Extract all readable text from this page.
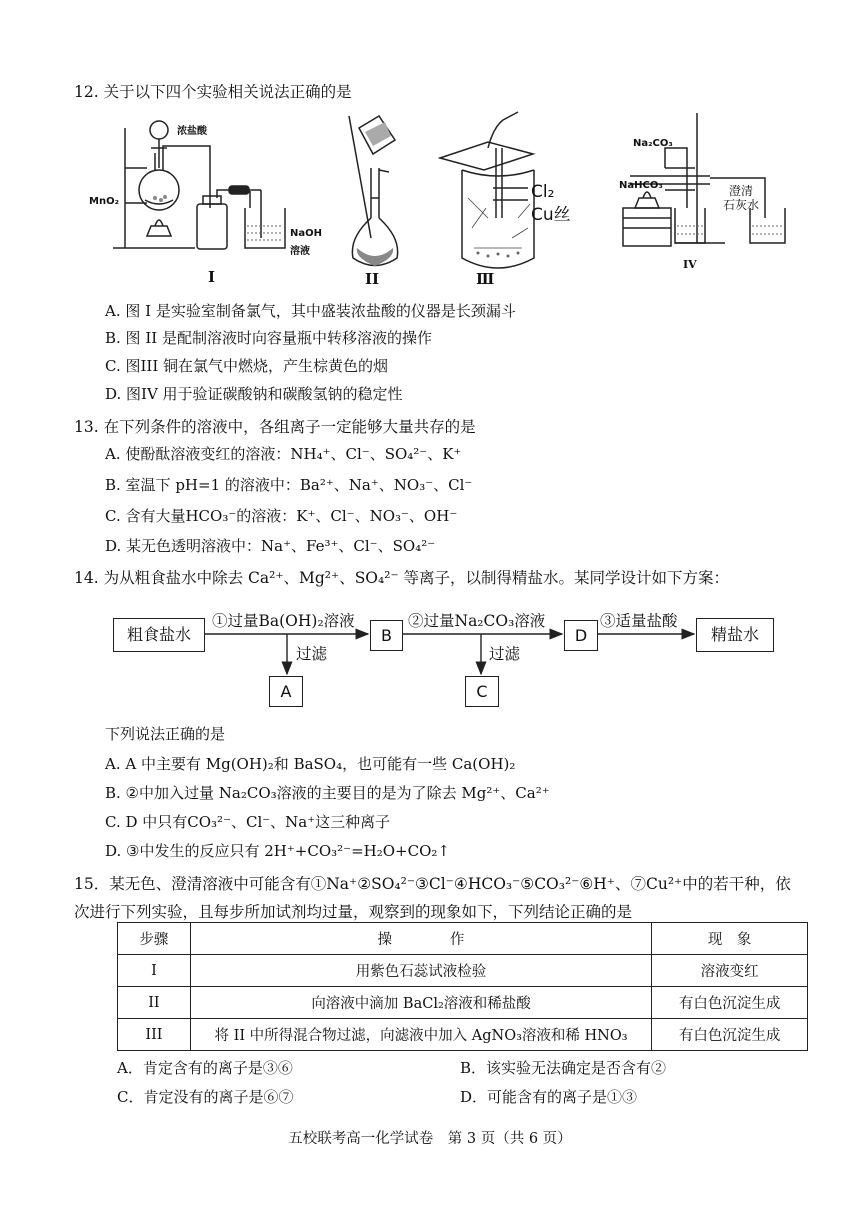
12. 关于以下四个实验相关说法正确的是
浓盐酸
MnO₂
NaOH
溶液
I	II
Cl₂
Cu丝
Ⅲ
Na₂CO₃
NaHCO₃	澄清
石灰水
IV
A. 图 I 是实验室制备氯气，其中盛装浓盐酸的仪器是长颈漏斗
B. 图 II 是配制溶液时向容量瓶中转移溶液的操作
C. 图III 铜在氯气中燃烧，产生棕黄色的烟
D. 图IV 用于验证碳酸钠和碳酸氢钠的稳定性
13. 在下列条件的溶液中，各组离子一定能够大量共存的是
A. 使酚酞溶液变红的溶液：NH₄⁺、Cl⁻、SO₄²⁻、K⁺
B. 室温下 pH=1 的溶液中：Ba²⁺、Na⁺、NO₃⁻、Cl⁻
C. 含有大量HCO₃⁻的溶液：K⁺、Cl⁻、NO₃⁻、OH⁻
D. 某无色透明溶液中：Na⁺、Fe³⁺、Cl⁻、SO₄²⁻
14. 为从粗食盐水中除去 Ca²⁺、Mg²⁺、SO₄²⁻ 等离子，以制得精盐水。某同学设计如下方案：
粗食盐水
①过量Ba(OH)₂溶液
B
②过量Na₂CO₃溶液
D
③适量盐酸
精盐水
过滤	过滤
A	C
下列说法正确的是
A. A 中主要有 Mg(OH)₂和 BaSO₄，也可能有一些 Ca(OH)₂
B. ②中加入过量 Na₂CO₃溶液的主要目的是为了除去 Mg²⁺、Ca²⁺
C. D 中只有CO₃²⁻、Cl⁻、Na⁺这三种离子
D. ③中发生的反应只有 2H⁺+CO₃²⁻=H₂O+CO₂↑
15．某无色、澄清溶液中可能含有①Na⁺②SO₄²⁻③Cl⁻④HCO₃⁻⑤CO₃²⁻⑥H⁺、⑦Cu²⁺中的若干种，依
次进行下列实验，且每步所加试剂均过量，观察到的现象如下，下列结论正确的是
步骤	操　　　　作	现　象
I	用紫色石蕊试液检验	溶液变红
II	向溶液中滴加 BaCl₂溶液和稀盐酸	有白色沉淀生成
III	将 II 中所得混合物过滤，向滤液中加入 AgNO₃溶液和稀 HNO₃	有白色沉淀生成
A．肯定含有的离子是③⑥	B．该实验无法确定是否含有②
C．肯定没有的离子是⑥⑦	D．可能含有的离子是①③
五校联考高一化学试卷　第 3 页（共 6 页）
